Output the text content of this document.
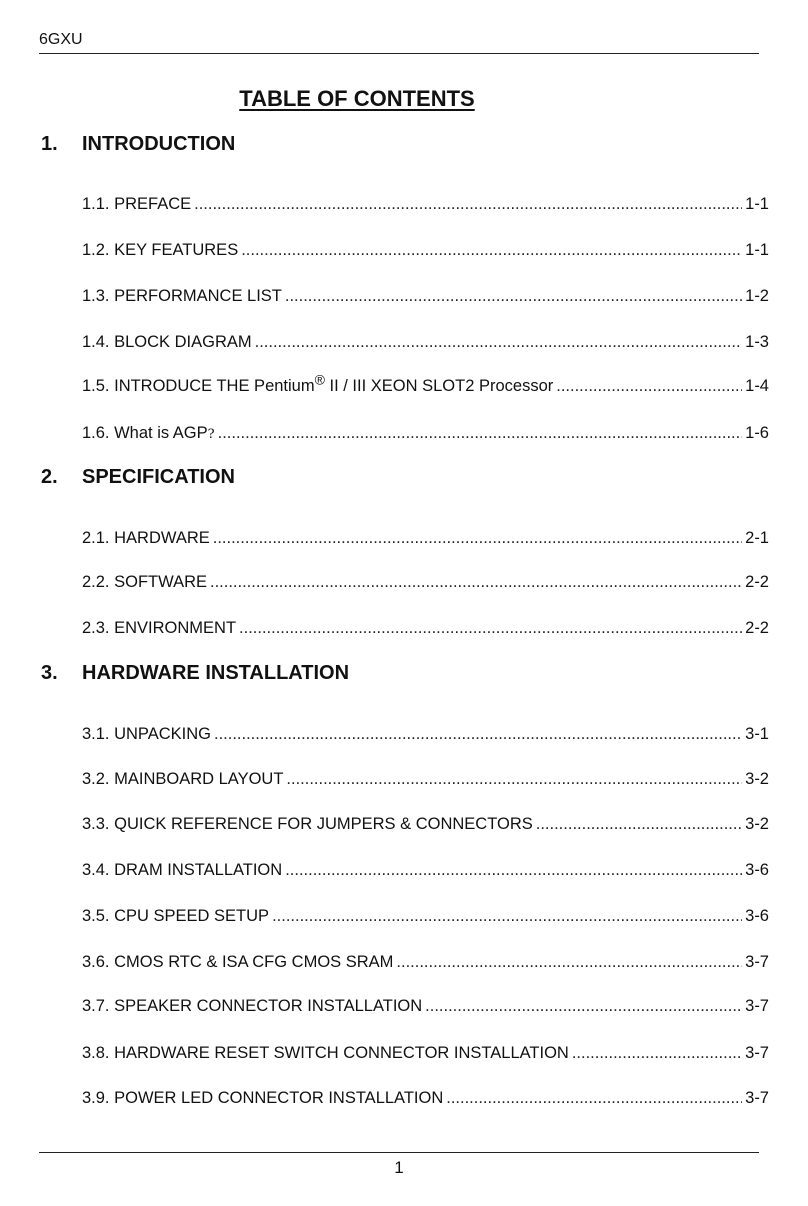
6GXU
TABLE OF CONTENTS
1.	INTRODUCTION
1.1. PREFACE .....	1-1
1.2. KEY FEATURES .....	1-1
1.3. PERFORMANCE LIST .....	1-2
1.4. BLOCK DIAGRAM .....	1-3
1.5. INTRODUCE THE Pentium® II / III XEON SLOT2 Processor .....	1-4
1.6. What is AGP? .....	1-6
2.	SPECIFICATION
2.1. HARDWARE .....	2-1
2.2. SOFTWARE .....	2-2
2.3. ENVIRONMENT .....	2-2
3.	HARDWARE INSTALLATION
3.1. UNPACKING .....	3-1
3.2. MAINBOARD LAYOUT .....	3-2
3.3. QUICK REFERENCE FOR JUMPERS & CONNECTORS .....	3-2
3.4. DRAM INSTALLATION .....	3-6
3.5. CPU SPEED SETUP .....	3-6
3.6. CMOS RTC & ISA CFG CMOS SRAM .....	3-7
3.7. SPEAKER CONNECTOR INSTALLATION .....	3-7
3.8. HARDWARE RESET SWITCH CONNECTOR INSTALLATION .....	3-7
3.9. POWER LED CONNECTOR INSTALLATION .....	3-7
1
